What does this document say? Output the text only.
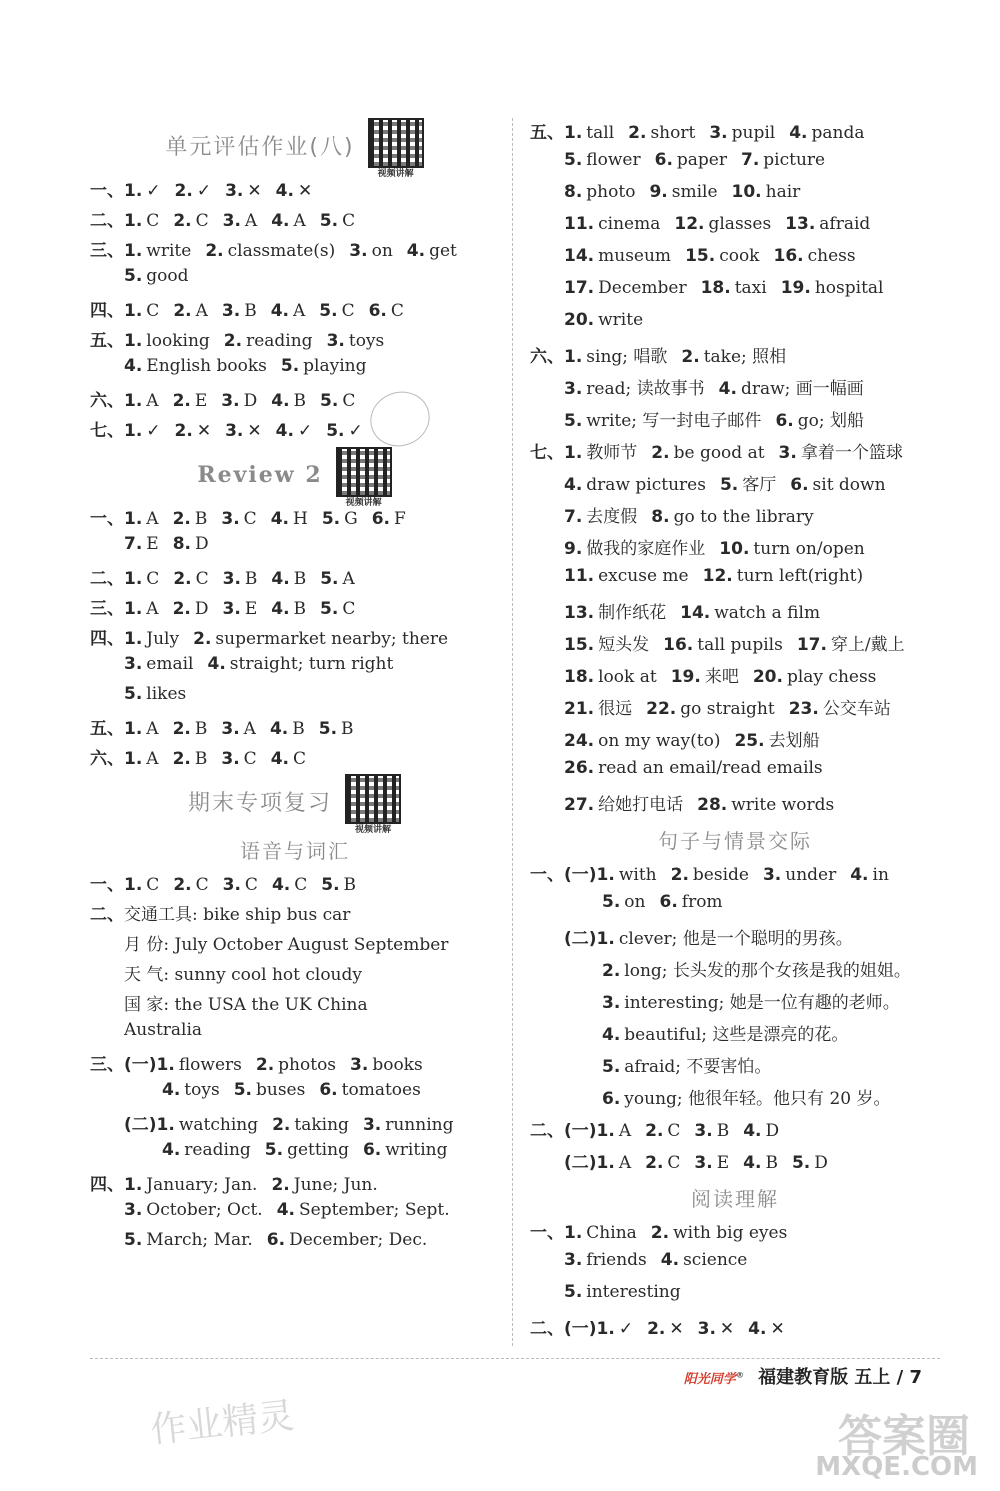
单元评估作业(八)
视频讲解
一、1. ✓ 2. ✓ 3. ✕ 4. ✕
二、1. C 2. C 3. A 4. A 5. C
三、1. write 2. classmate(s) 3. on 4. get
5. good
四、1. C 2. A 3. B 4. A 5. C 6. C
五、1. looking 2. reading 3. toys
4. English books 5. playing
六、1. A 2. E 3. D 4. B 5. C
七、1. ✓ 2. ✕ 3. ✕ 4. ✓ 5. ✓
Review 2
视频讲解
一、1. A 2. B 3. C 4. H 5. G 6. F
7. E 8. D
二、1. C 2. C 3. B 4. B 5. A
三、1. A 2. D 3. E 4. B 5. C
四、1. July 2. supermarket nearby; there
3. email 4. straight; turn right
5. likes
五、1. A 2. B 3. A 4. B 5. B
六、1. A 2. B 3. C 4. C
期末专项复习
视频讲解
语音与词汇
一、1. C 2. C 3. C 4. C 5. B
二、交通工具: bike ship bus car
月 份: July October August September
天 气: sunny cool hot cloudy
国 家: the USA the UK China
Australia
三、(一)1. flowers 2. photos 3. books
4. toys 5. buses 6. tomatoes
(二)1. watching 2. taking 3. running
4. reading 5. getting 6. writing
四、1. January; Jan. 2. June; Jun.
3. October; Oct. 4. September; Sept.
5. March; Mar. 6. December; Dec.
五、1. tall 2. short 3. pupil 4. panda
5. flower 6. paper 7. picture
8. photo 9. smile 10. hair
11. cinema 12. glasses 13. afraid
14. museum 15. cook 16. chess
17. December 18. taxi 19. hospital
20. write
六、1. sing; 唱歌 2. take; 照相
3. read; 读故事书 4. draw; 画一幅画
5. write; 写一封电子邮件 6. go; 划船
七、1. 教师节 2. be good at 3. 拿着一个篮球
4. draw pictures 5. 客厅 6. sit down
7. 去度假 8. go to the library
9. 做我的家庭作业 10. turn on/open
11. excuse me 12. turn left(right)
13. 制作纸花 14. watch a film
15. 短头发 16. tall pupils 17. 穿上/戴上
18. look at 19. 来吧 20. play chess
21. 很远 22. go straight 23. 公交车站
24. on my way(to) 25. 去划船
26. read an email/read emails
27. 给她打电话 28. write words
句子与情景交际
一、(一)1. with 2. beside 3. under 4. in
5. on 6. from
(二)1. clever; 他是一个聪明的男孩。
2. long; 长头发的那个女孩是我的姐姐。
3. interesting; 她是一位有趣的老师。
4. beautiful; 这些是漂亮的花。
5. afraid; 不要害怕。
6. young; 他很年轻。他只有 20 岁。
二、(一)1. A 2. C 3. B 4. D
(二)1. A 2. C 3. E 4. B 5. D
阅读理解
一、1. China 2. with big eyes
3. friends 4. science
5. interesting
二、(一)1. ✓ 2. ✕ 3. ✕ 4. ✕
阳光同学® 福建教育版 五上 / 7
作业精灵	答案圈
MXQE.COM
